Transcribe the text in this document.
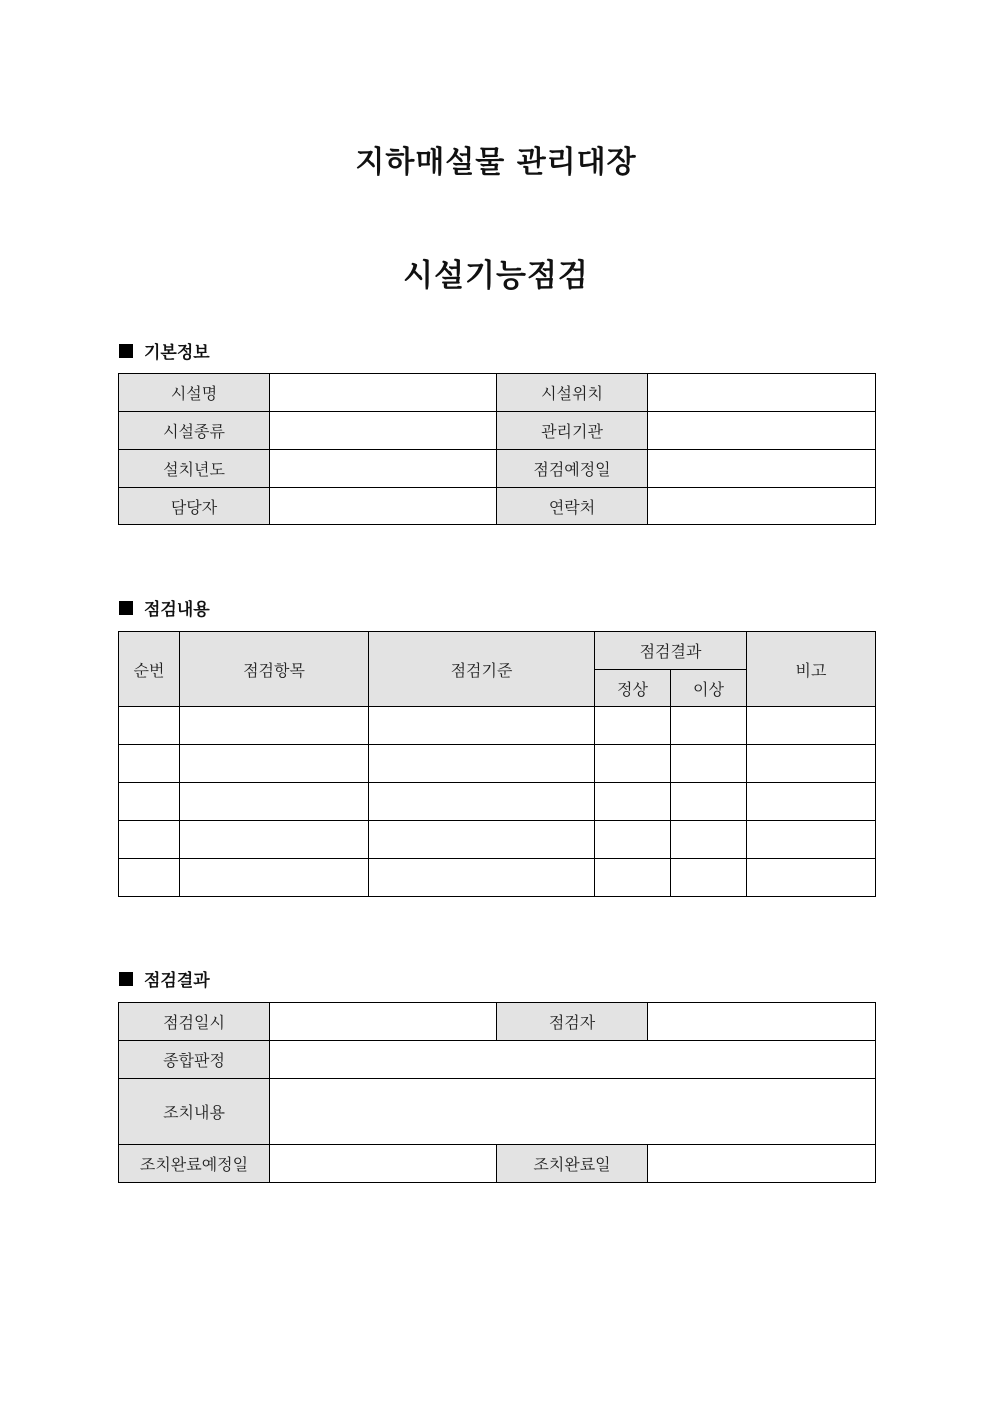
지하매설물 관리대장
시설기능점검
기본정보
시설명		시설위치	
시설종류		관리기관	
설치년도		점검예정일	
담당자		연락처	
점검내용
순번	점검항목	점검기준	점검결과		비고
			정상	이상	

점검결과
점검일시		점검자	
종합판정			
조치내용			
조치완료예정일		조치완료일	
